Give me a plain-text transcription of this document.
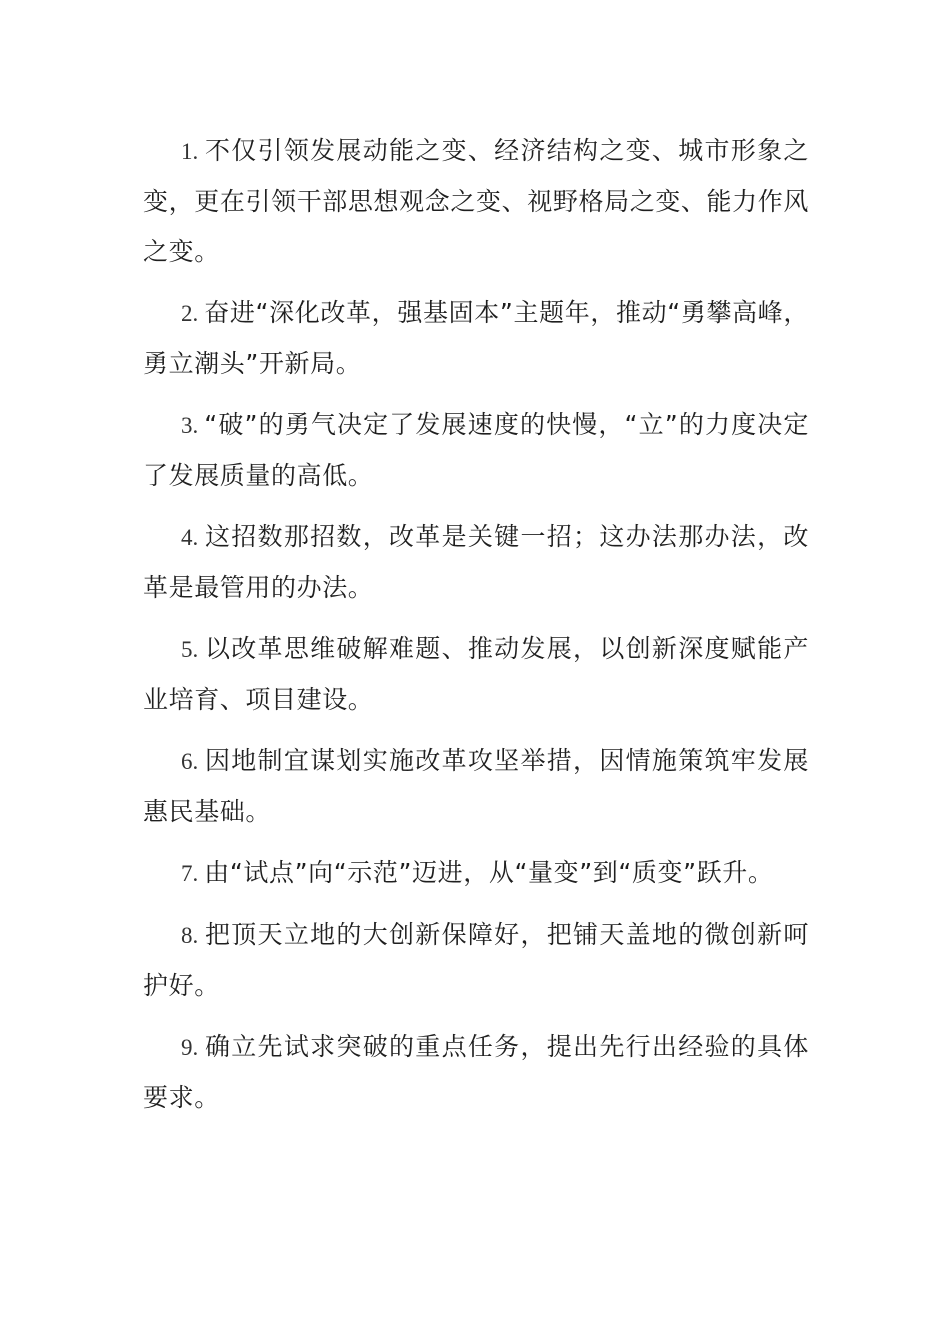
1. 不仅引领发展动能之变、经济结构之变、城市形象之变，更在引领干部思想观念之变、视野格局之变、能力作风之变。

2. 奋进“深化改革，强基固本”主题年，推动“勇攀高峰，勇立潮头”开新局。

3. “破”的勇气决定了发展速度的快慢，“立”的力度决定了发展质量的高低。

4. 这招数那招数，改革是关键一招；这办法那办法，改革是最管用的办法。

5. 以改革思维破解难题、推动发展，以创新深度赋能产业培育、项目建设。

6. 因地制宜谋划实施改革攻坚举措，因情施策筑牢发展惠民基础。

7. 由“试点”向“示范”迈进，从“量变”到“质变”跃升。

8. 把顶天立地的大创新保障好，把铺天盖地的微创新呵护好。

9. 确立先试求突破的重点任务，提出先行出经验的具体要求。
